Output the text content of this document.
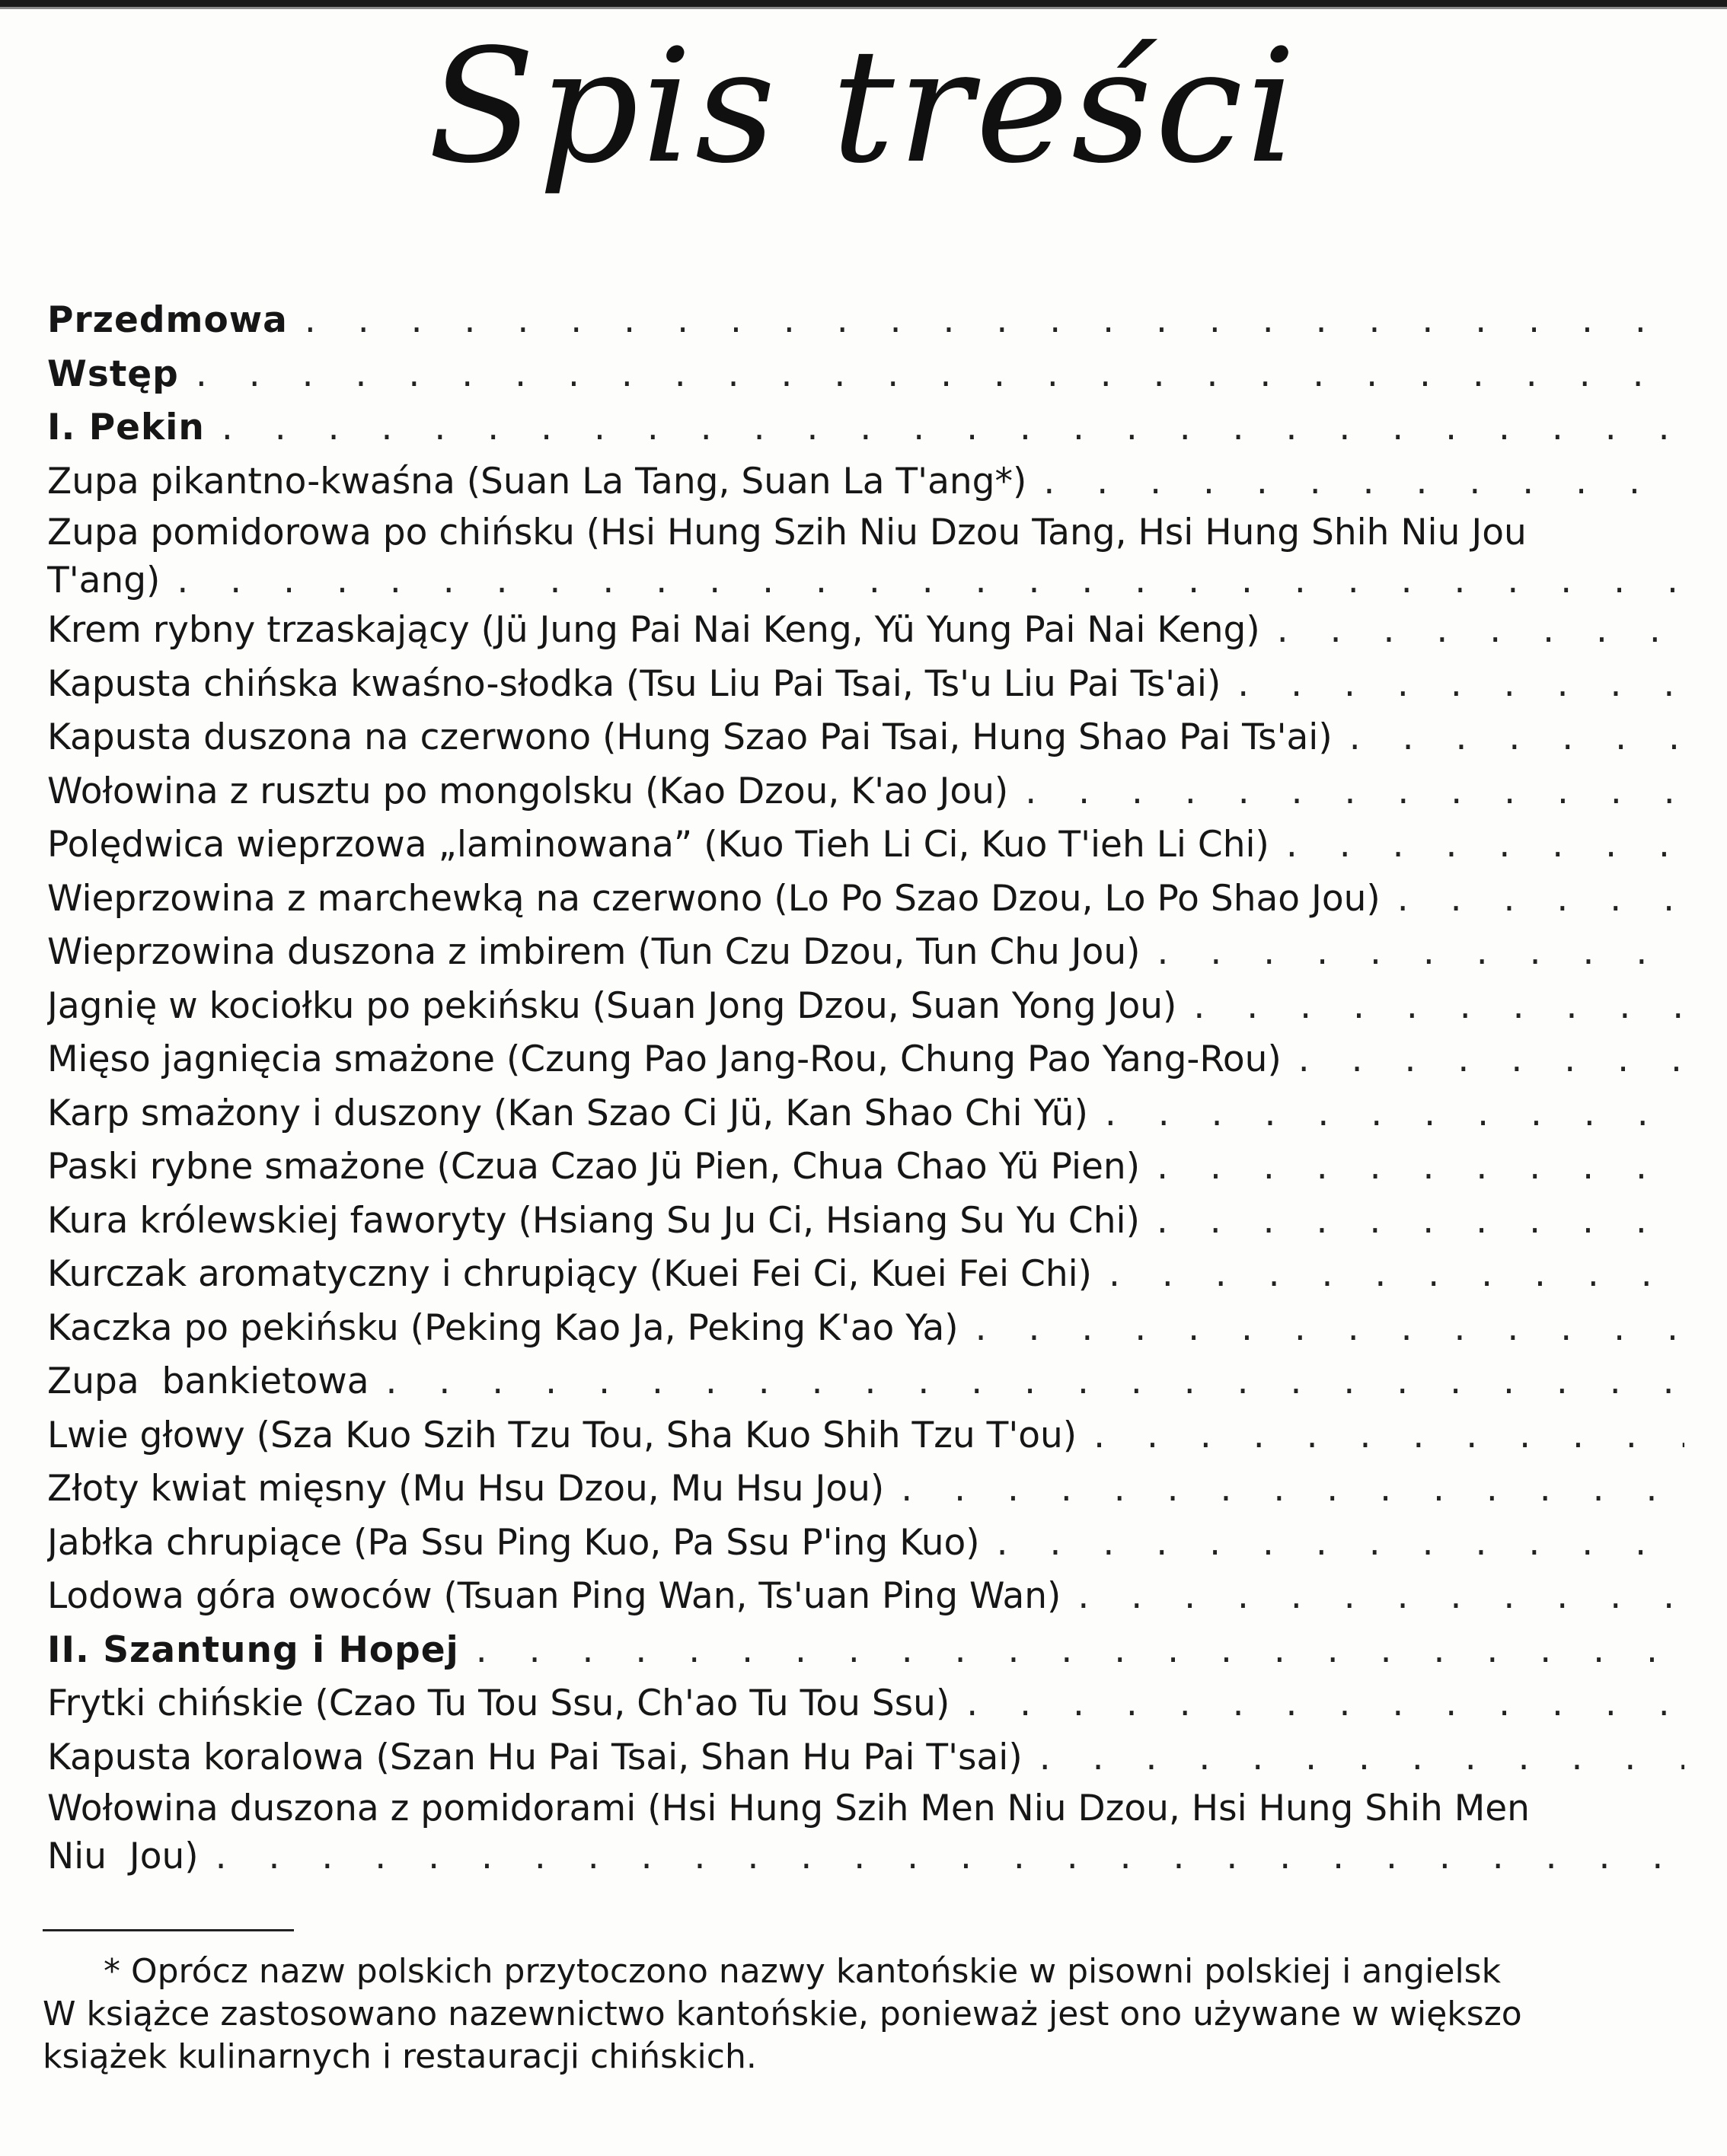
Spis treści
Przedmowa
. . .
Wstęp
. . .
I. Pekin
. . .
Zupa pikantno-kwaśna (Suan La Tang, Suan La T'ang*)
. . .
Zupa pomidorowa po chińsku (Hsi Hung Szih Niu Dzou Tang, Hsi Hung Shih Niu Jou
T'ang)
. . .
Krem rybny trzaskający (Jü Jung Pai Nai Keng, Yü Yung Pai Nai Keng)
. . .
Kapusta chińska kwaśno-słodka (Tsu Liu Pai Tsai, Ts'u Liu Pai Ts'ai)
. . .
Kapusta duszona na czerwono (Hung Szao Pai Tsai, Hung Shao Pai Ts'ai)
. . .
Wołowina z rusztu po mongolsku (Kao Dzou, K'ao Jou)
. . .
Polędwica wieprzowa „laminowana” (Kuo Tieh Li Ci, Kuo T'ieh Li Chi)
. . .
Wieprzowina z marchewką na czerwono (Lo Po Szao Dzou, Lo Po Shao Jou)
. . .
Wieprzowina duszona z imbirem (Tun Czu Dzou, Tun Chu Jou)
. . .
Jagnię w kociołku po pekińsku (Suan Jong Dzou, Suan Yong Jou)
. . .
Mięso jagnięcia smażone (Czung Pao Jang-Rou, Chung Pao Yang-Rou)
. . .
Karp smażony i duszony (Kan Szao Ci Jü, Kan Shao Chi Yü)
. . .
Paski rybne smażone (Czua Czao Jü Pien, Chua Chao Yü Pien)
. . .
Kura królewskiej faworyty (Hsiang Su Ju Ci, Hsiang Su Yu Chi)
. . .
Kurczak aromatyczny i chrupiący (Kuei Fei Ci, Kuei Fei Chi)
. . .
Kaczka po pekińsku (Peking Kao Ja, Peking K'ao Ya)
. . .
Zupa  bankietowa
. . .
Lwie głowy (Sza Kuo Szih Tzu Tou, Sha Kuo Shih Tzu T'ou)
. . .
Złoty kwiat mięsny (Mu Hsu Dzou, Mu Hsu Jou)
. . .
Jabłka chrupiące (Pa Ssu Ping Kuo, Pa Ssu P'ing Kuo)
. . .
Lodowa góra owoców (Tsuan Ping Wan, Ts'uan Ping Wan)
. . .
II. Szantung i Hopej
. . .
Frytki chińskie (Czao Tu Tou Ssu, Ch'ao Tu Tou Ssu)
. . .
Kapusta koralowa (Szan Hu Pai Tsai, Shan Hu Pai T'sai)
. . .
Wołowina duszona z pomidorami (Hsi Hung Szih Men Niu Dzou, Hsi Hung Shih Men
Niu  Jou)
. . .
* Oprócz nazw polskich przytoczono nazwy kantońskie w pisowni polskiej i angielsk
W książce zastosowano nazewnictwo kantońskie, ponieważ jest ono używane w większo
książek kulinarnych i restauracji chińskich.
